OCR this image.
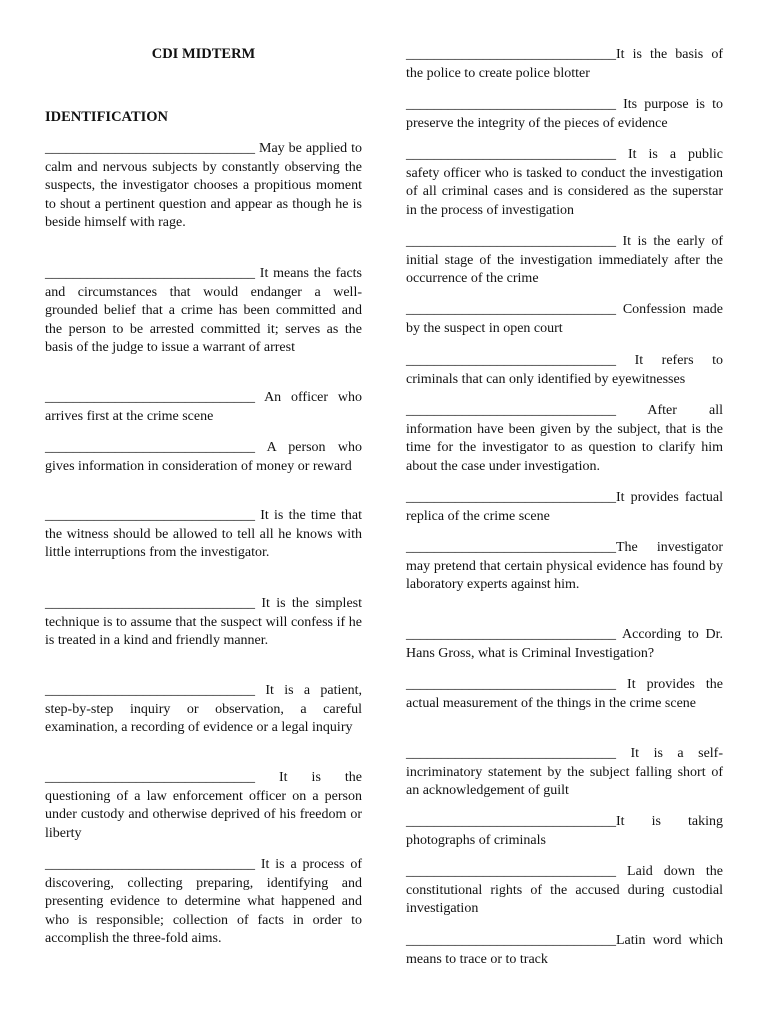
CDI MIDTERM
IDENTIFICATION

______________________________ May be applied to calm and nervous subjects by constantly observing the suspects, the investigator chooses a propitious moment to shout a pertinent question and appear as though he is beside himself with rage.

______________________________ It means the facts and circumstances that would endanger a well- grounded belief that a crime has been committed and the person to be arrested committed it; serves as the basis of the judge to issue a warrant of arrest

______________________________ An officer who arrives first at the crime scene

______________________________ A person who gives information in consideration of money or reward

______________________________ It is the time that the witness should be allowed to tell all he knows with little interruptions from the investigator.

______________________________ It is the simplest technique is to assume that the suspect will confess if he is treated in a kind and friendly manner.

______________________________ It is a patient, step-by-step inquiry or observation, a careful examination, a recording of evidence or a legal inquiry

______________________________ It is the questioning of a law enforcement officer on a person under custody and otherwise deprived of his freedom or liberty

______________________________ It is a process of discovering, collecting preparing, identifying and presenting evidence to determine what happened and who is responsible; collection of facts in order to accomplish the three-fold aims.

______________________________It is the basis of the police to create police blotter

______________________________ Its purpose is to preserve the integrity of the pieces of evidence

______________________________ It is a public safety officer who is tasked to conduct the investigation of all criminal cases and is considered as the superstar in the process of investigation

______________________________ It is the early of initial stage of the investigation immediately after the occurrence of the crime

______________________________ Confession made by the suspect in open court

______________________________ It refers to criminals that can only identified by eyewitnesses

______________________________ After all information have been given by the subject, that is the time for the investigator to as question to clarify him about the case under investigation.

______________________________It provides factual replica of the crime scene

______________________________The investigator may pretend that certain physical evidence has found by laboratory experts against him.

______________________________ According to Dr. Hans Gross, what is Criminal Investigation?

______________________________ It provides the actual measurement of the things in the crime scene

______________________________ It is a self-incriminatory statement by the subject falling short of an acknowledgement of guilt

______________________________It is taking photographs of criminals

______________________________ Laid down the constitutional rights of the accused during custodial investigation

______________________________Latin word which means to trace or to track
